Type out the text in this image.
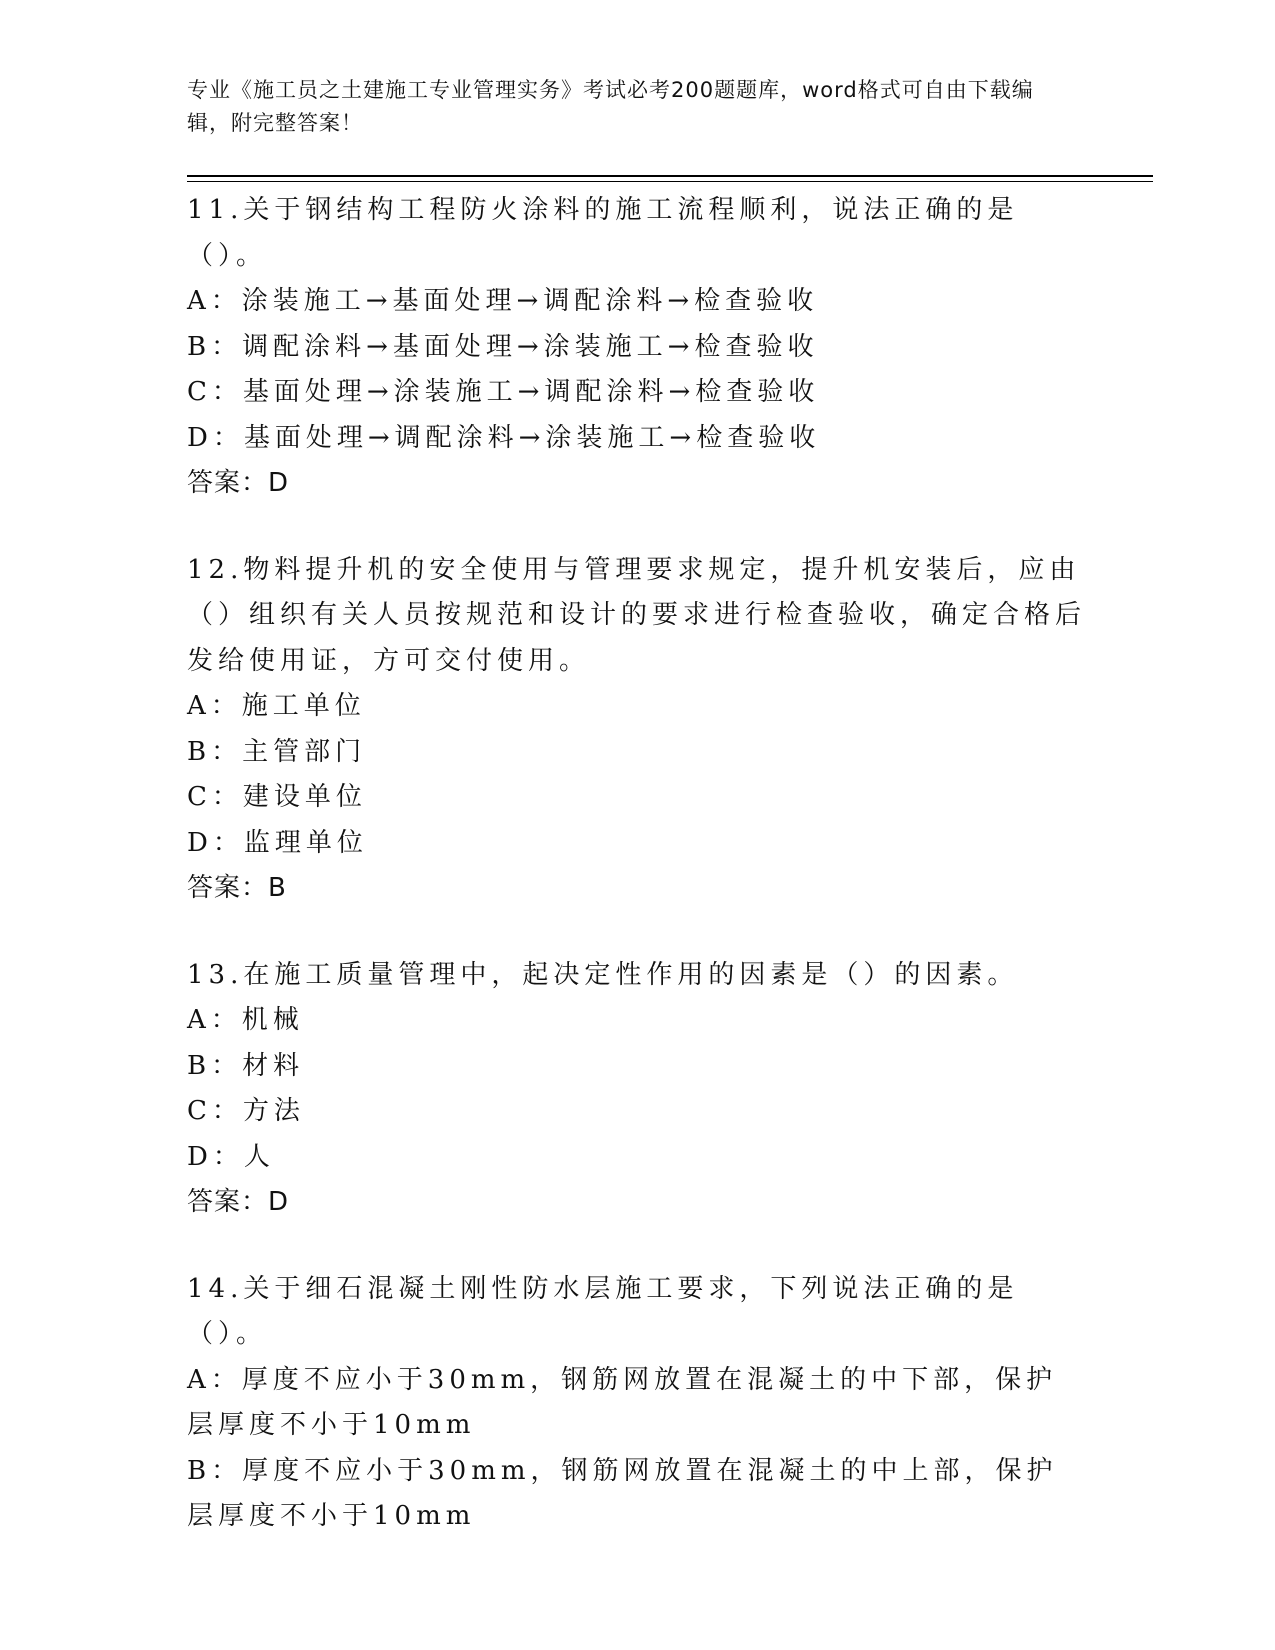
专业《施工员之土建施工专业管理实务》考试必考200题题库，word格式可自由下载编辑，附完整答案！
11.关于钢结构工程防火涂料的施工流程顺利，说法正确的是（）。
A：涂装施工→基面处理→调配涂料→检查验收
B：调配涂料→基面处理→涂装施工→检查验收
C：基面处理→涂装施工→调配涂料→检查验收
D：基面处理→调配涂料→涂装施工→检查验收
答案：D
12.物料提升机的安全使用与管理要求规定，提升机安装后，应由（）组织有关人员按规范和设计的要求进行检查验收，确定合格后发给使用证，方可交付使用。
A：施工单位
B：主管部门
C：建设单位
D：监理单位
答案：B
13.在施工质量管理中，起决定性作用的因素是（）的因素。
A：机械
B：材料
C：方法
D：人
答案：D
14.关于细石混凝土刚性防水层施工要求，下列说法正确的是（）。
A：厚度不应小于30mm，钢筋网放置在混凝土的中下部，保护层厚度不小于10mm
B：厚度不应小于30mm，钢筋网放置在混凝土的中上部，保护层厚度不小于10mm
